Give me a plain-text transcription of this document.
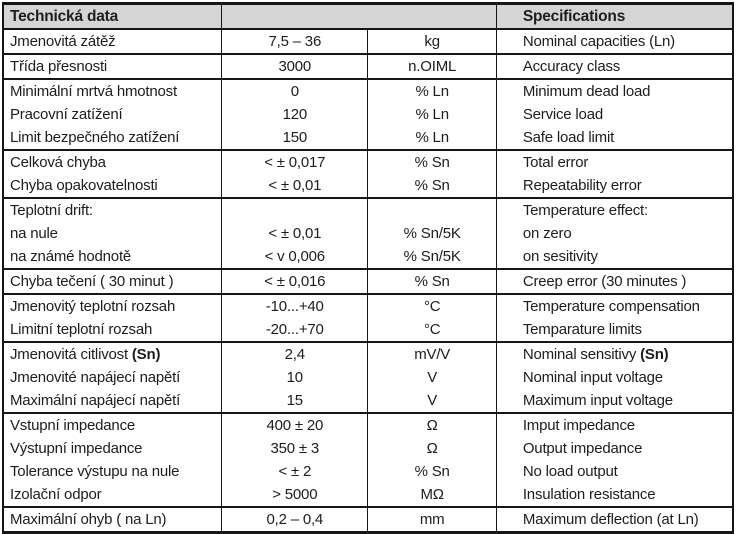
Technická data			Specifications
Jmenovitá zátěž	7,5 – 36	kg	Nominal capacities (Ln)
Třída přesnosti	3000	n.OIML	Accuracy class
Minimální mrtvá hmotnost	0	% Ln	Minimum dead load
Pracovní zatížení	120	% Ln	Service load
Limit bezpečného zatížení	150	% Ln	Safe load limit
Celková chyba	< ± 0,017	% Sn	Total error
Chyba opakovatelnosti	< ± 0,01	% Sn	Repeatability error
Teplotní drift:			Temperature effect:
na nule	< ± 0,01	% Sn/5K	on zero
na známé hodnotě	< v 0,006	% Sn/5K	on sesitivity
Chyba tečení ( 30 minut )	< ± 0,016	% Sn	Creep error (30 minutes )
Jmenovitý teplotní rozsah	-10...+40	°C	Temperature compensation
Limitní teplotní rozsah	-20...+70	°C	Temparature limits
Jmenovitá citlivost (Sn)	2,4	mV/V	Nominal sensitivy (Sn)
Jmenovité napájecí napětí	10	V	Nominal input voltage
Maximální napájecí napětí	15	V	Maximum input voltage
Vstupní impedance	400 ± 20	Ω	Imput impedance
Výstupní impedance	350 ± 3	Ω	Output impedance
Tolerance výstupu na nule	< ± 2	% Sn	No load output
Izolační odpor	> 5000	MΩ	Insulation resistance
Maximální ohyb ( na Ln)	0,2 – 0,4	mm	Maximum deflection (at Ln)
